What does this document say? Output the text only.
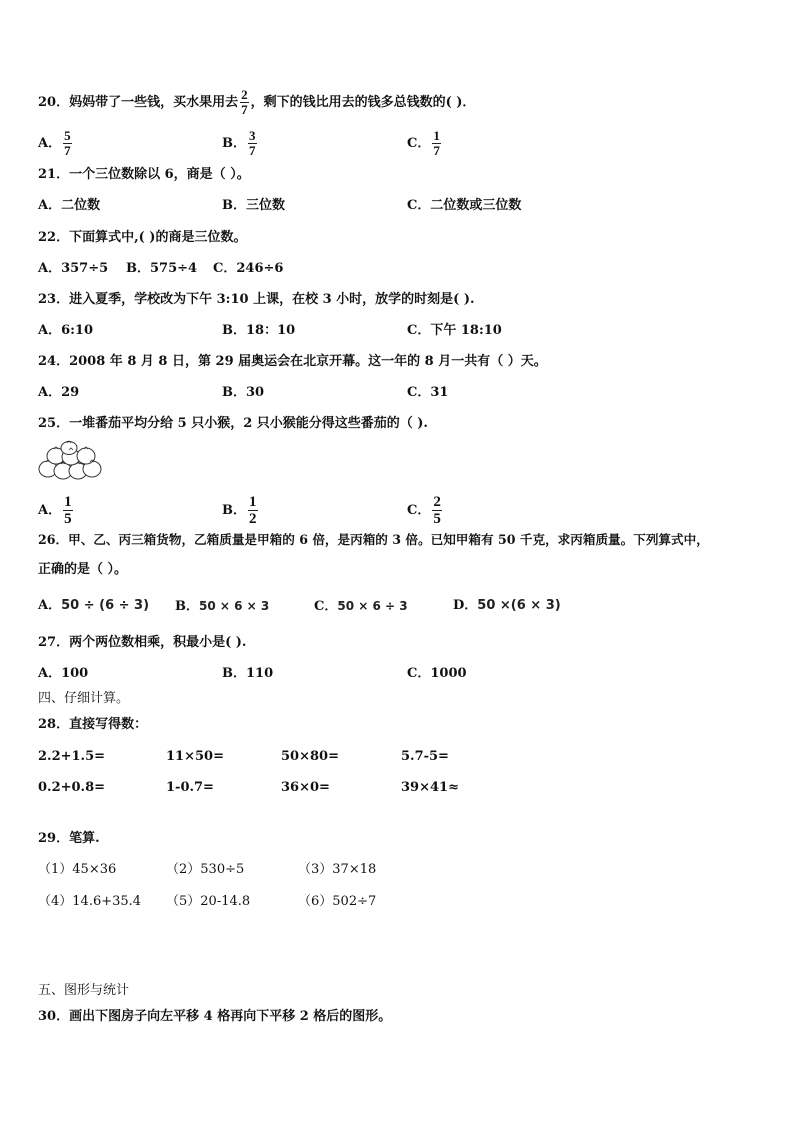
20．妈妈带了一些钱，买水果用去 $\frac{2}{7}$ ，剩下的钱比用去的钱多总钱数的( )．
A． $\frac{5}{7}$	B． $\frac{3}{7}$	C． $\frac{1}{7}$
21．一个三位数除以 6，商是（ ）。
A．二位数	B．三位数	C．二位数或三位数
22．下面算式中,( )的商是三位数。
A．357÷5 B．575÷4 C．246÷6
23．进入夏季，学校改为下午 3:10 上课，在校 3 小时，放学的时刻是( ).
A．6:10	B．18：10	C．下午 18:10
24．2008 年 8 月 8 日，第 29 届奥运会在北京开幕。这一年的 8 月一共有（ ）天。
A．29	B．30	C．31
25．一堆番茄平均分给 5 只小猴，2 只小猴能分得这些番茄的（ ).
A． $\frac{1}{5}$	B． $\frac{1}{2}$	C． $\frac{2}{5}$
26．甲、乙、丙三箱货物，乙箱质量是甲箱的 6 倍，是丙箱的 3 倍。已知甲箱有 50 千克，求丙箱质量。下列算式中，
正确的是（ ）。
A．50 ÷ (6 ÷ 3) B．50 × 6 × 3	C．50 × 6 ÷ 3	D．50 ×(6 × 3)
27．两个两位数相乘，积最小是( ).
A．100	B．110	C．1000
四、仔细计算。
28．直接写得数：
2.2+1.5=	11×50=	50×80=	5.7-5=
0.2+0.8=	1-0.7=	36×0=	39×41≈
29．笔算.
（1）45×36	（2）530÷5	（3）37×18
（4）14.6+35.4 （5）20-14.8	（6）502÷7
五、图形与统计
30．画出下图房子向左平移 4 格再向下平移 2 格后的图形。
